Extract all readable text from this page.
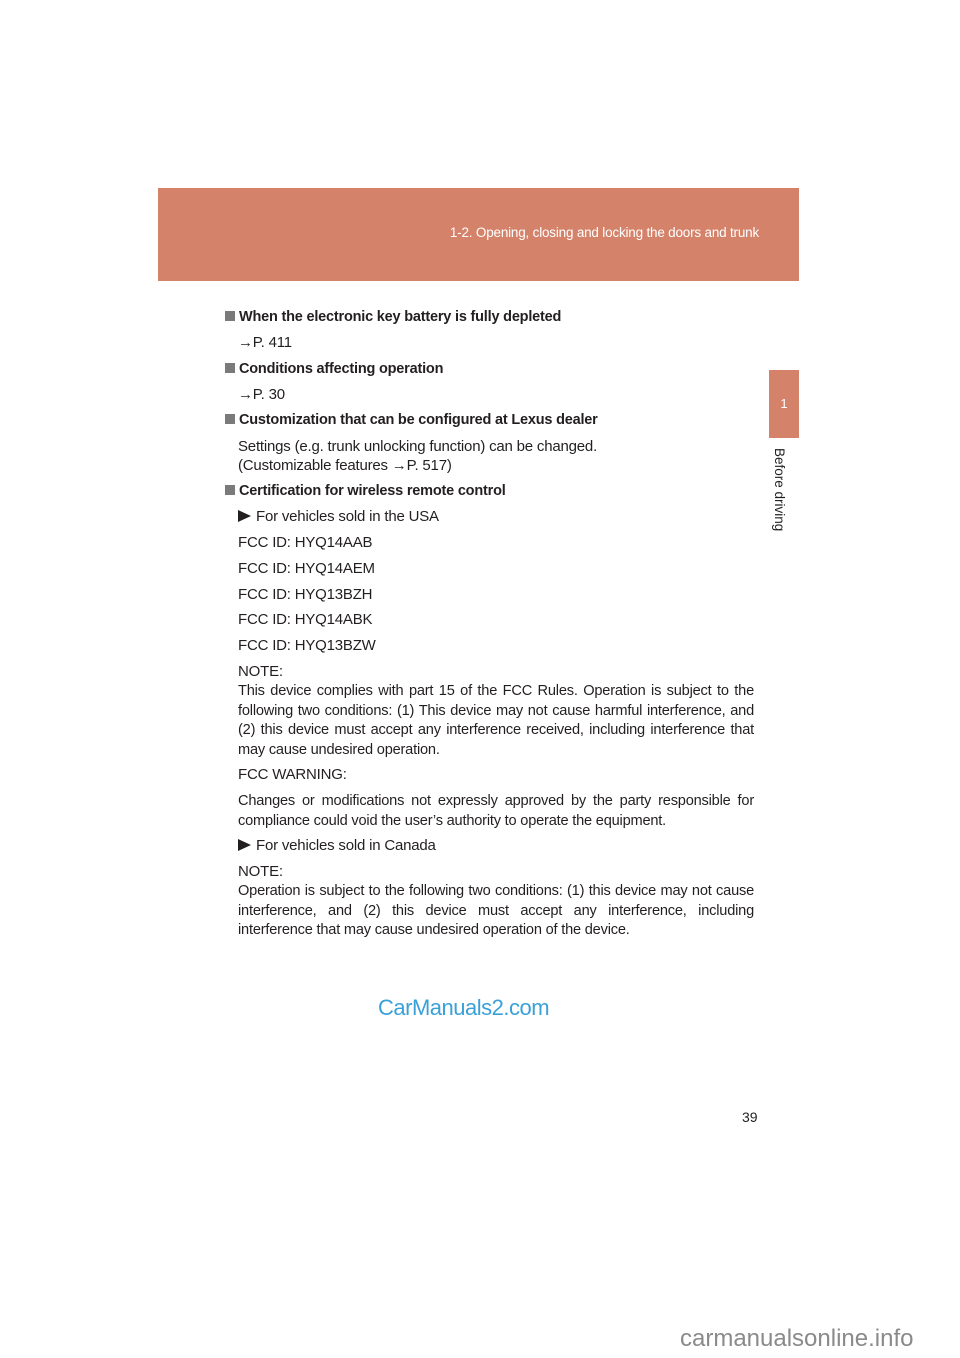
1-2. Opening, closing and locking the doors and trunk
1
Before driving
When the electronic key battery is fully depleted
→P. 411
Conditions affecting operation
→P. 30
Customization that can be configured at Lexus dealer
Settings (e.g. trunk unlocking function) can be changed.
(Customizable features →P. 517)
Certification for wireless remote control
For vehicles sold in the USA
FCC ID: HYQ14AAB
FCC ID: HYQ14AEM
FCC ID: HYQ13BZH
FCC ID: HYQ14ABK
FCC ID: HYQ13BZW
NOTE:
This device complies with part 15 of the FCC Rules. Operation is subject to the following two conditions: (1) This device may not cause harmful interference, and (2) this device must accept any interference received, including interference that may cause undesired operation.
FCC WARNING:
Changes or modifications not expressly approved by the party responsible for compliance could void the user’s authority to operate the equipment.
For vehicles sold in Canada
NOTE:
Operation is subject to the following two conditions: (1) this device may not cause interference, and (2) this device must accept any interference, including interference that may cause undesired operation of the device.
CarManuals2.com
39
carmanualsonline.info
